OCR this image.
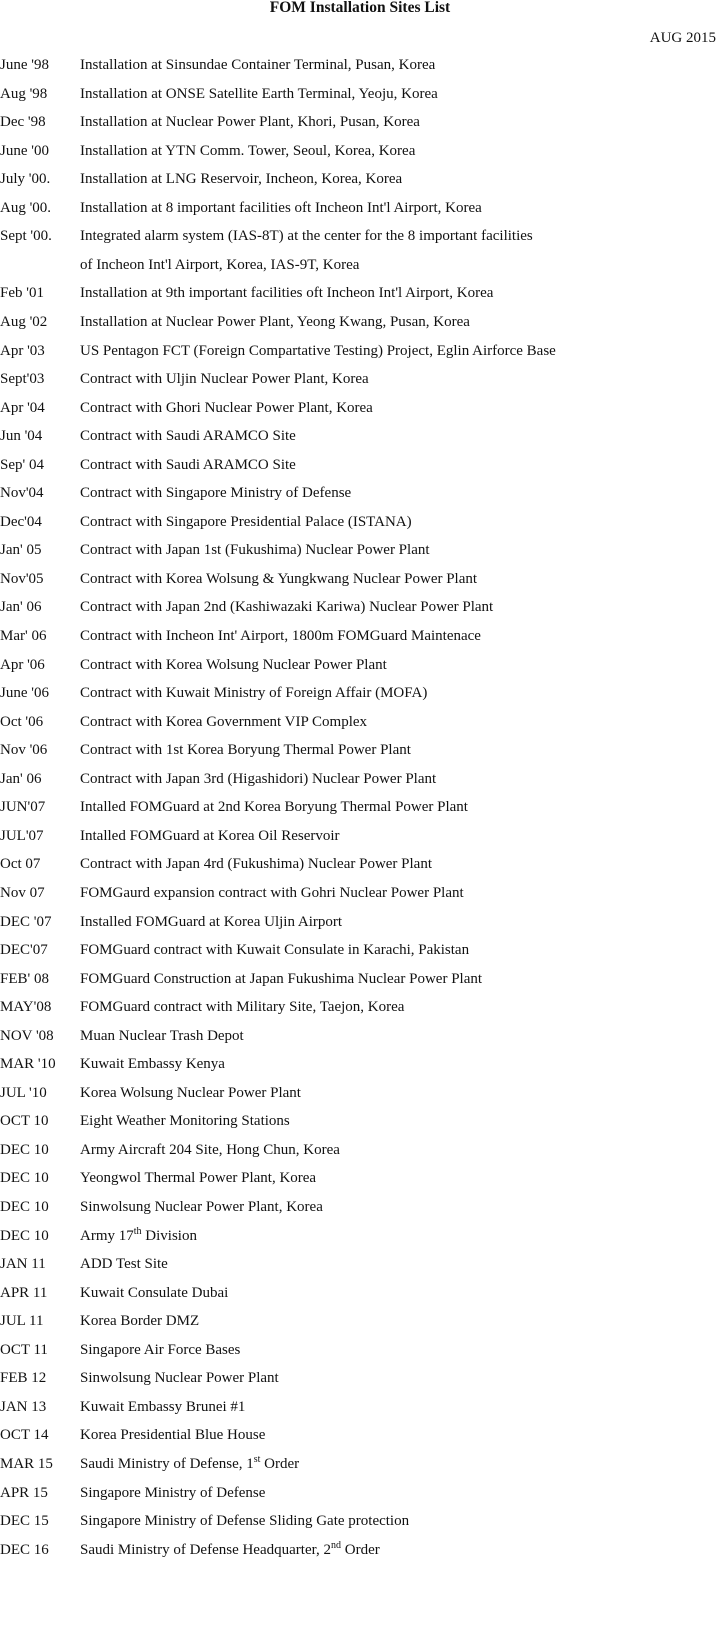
FOM Installation Sites List
AUG 2015
June '98 Installation at Sinsundae Container Terminal, Pusan, Korea
Aug '98 Installation at ONSE Satellite Earth Terminal, Yeoju, Korea
Dec '98 Installation at Nuclear Power Plant, Khori, Pusan, Korea
June '00 Installation at YTN Comm. Tower, Seoul, Korea, Korea
July '00. Installation at LNG Reservoir, Incheon, Korea, Korea
Aug '00. Installation at 8 important facilities oft Incheon Int'l Airport, Korea
Sept '00. Integrated alarm system (IAS-8T) at the center for the 8 important facilities
of Incheon Int'l Airport, Korea, IAS-9T, Korea
Feb '01 Installation at 9th important facilities oft Incheon Int'l Airport, Korea
Aug '02 Installation at Nuclear Power Plant, Yeong Kwang, Pusan, Korea
Apr '03 US Pentagon FCT (Foreign Compartative Testing) Project, Eglin Airforce Base
Sept'03 Contract with Uljin Nuclear Power Plant, Korea
Apr '04 Contract with Ghori Nuclear Power Plant, Korea
Jun '04	Contract with Saudi ARAMCO Site
Sep' 04 Contract with Saudi ARAMCO Site
Nov'04 Contract with Singapore Ministry of Defense
Dec'04	Contract with Singapore Presidential Palace (ISTANA)
Jan' 05	Contract with Japan 1st (Fukushima) Nuclear Power Plant
Nov'05 Contract with Korea Wolsung & Yungkwang Nuclear Power Plant
Jan' 06	Contract with Japan 2nd (Kashiwazaki Kariwa) Nuclear Power Plant
Mar' 06 Contract with Incheon Int' Airport, 1800m FOMGuard Maintenace
Apr '06 Contract with Korea Wolsung Nuclear Power Plant
June '06 Contract with Kuwait Ministry of Foreign Affair (MOFA)
Oct '06 Contract with Korea Government VIP Complex
Nov '06 Contract with 1st Korea Boryung Thermal Power Plant
Jan' 06	Contract with Japan 3rd (Higashidori) Nuclear Power Plant
JUN'07 Intalled FOMGuard at 2nd Korea Boryung Thermal Power Plant
JUL'07 Intalled FOMGuard at Korea Oil Reservoir
Oct 07	Contract with Japan 4rd (Fukushima) Nuclear Power Plant
Nov 07 FOMGaurd expansion contract with Gohri Nuclear Power Plant
DEC '07 Installed FOMGuard at Korea Uljin Airport
DEC'07 FOMGuard contract with Kuwait Consulate in Karachi, Pakistan
FEB' 08 FOMGuard Construction at Japan Fukushima Nuclear Power Plant
MAY'08 FOMGuard contract with Military Site, Taejon, Korea
NOV '08 Muan Nuclear Trash Depot
MAR '10 Kuwait Embassy Kenya
JUL '10 Korea Wolsung Nuclear Power Plant
OCT 10 Eight Weather Monitoring Stations
DEC 10 Army Aircraft 204 Site, Hong Chun, Korea
DEC 10 Yeongwol Thermal Power Plant, Korea
DEC 10 Sinwolsung Nuclear Power Plant, Korea
DEC 10 Army 17th Division
JAN 11 ADD Test Site
APR 11 Kuwait Consulate Dubai
JUL 11 Korea Border DMZ
OCT 11 Singapore Air Force Bases
FEB 12 Sinwolsung Nuclear Power Plant
JAN 13 Kuwait Embassy Brunei #1
OCT 14 Korea Presidential Blue House
MAR 15 Saudi Ministry of Defense, 1st Order
APR 15 Singapore Ministry of Defense
DEC 15 Singapore Ministry of Defense Sliding Gate protection
DEC 16 Saudi Ministry of Defense Headquarter, 2nd Order
